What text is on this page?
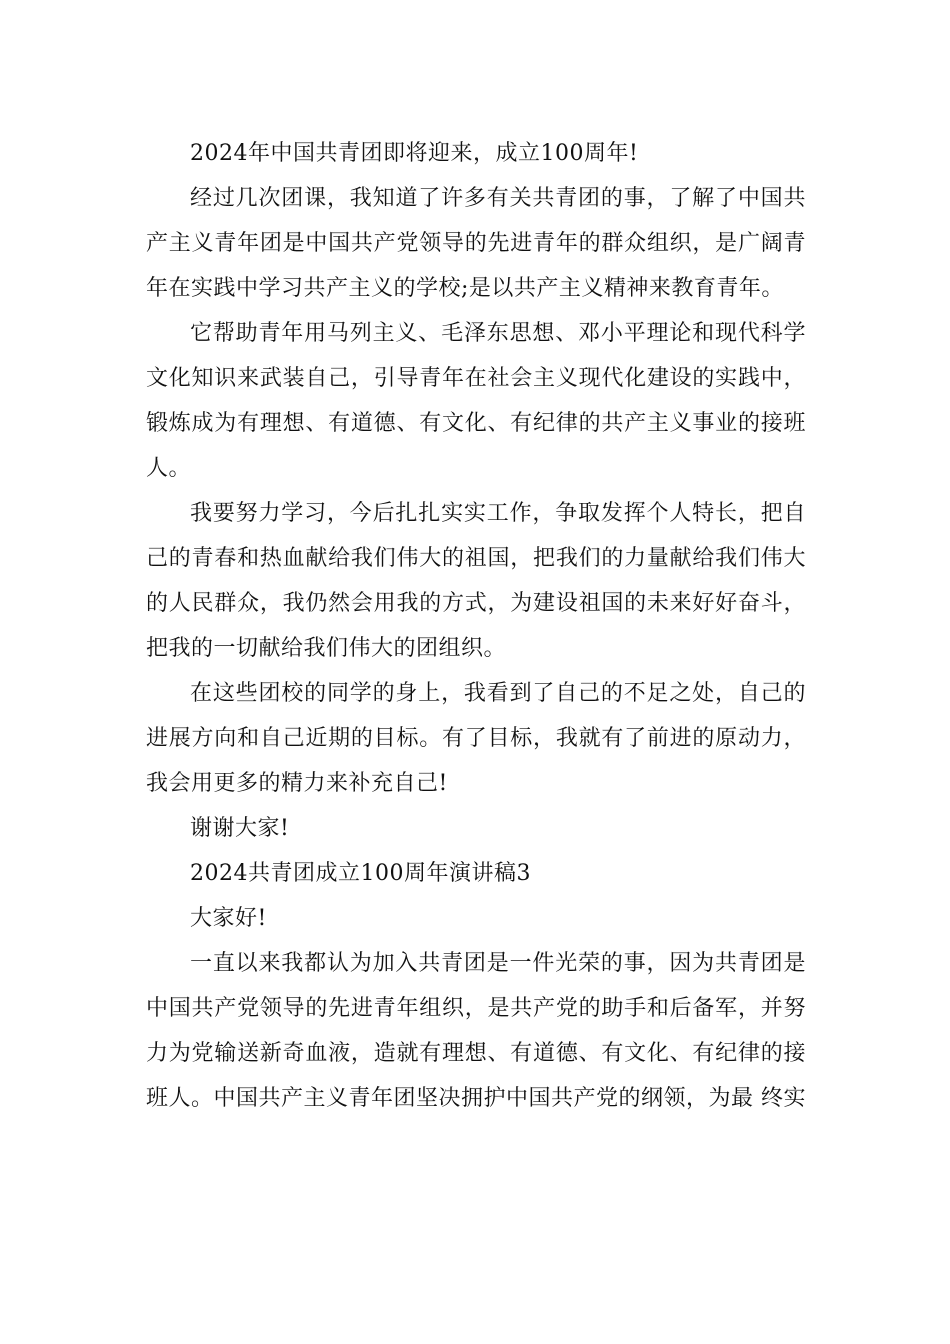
2024年中国共青团即将迎来，成立100周年!

经过几次团课，我知道了许多有关共青团的事，了解了中国共产主义青年团是中国共产党领导的先进青年的群众组织，是广阔青年在实践中学习共产主义的学校;是以共产主义精神来教育青年。

它帮助青年用马列主义、毛泽东思想、邓小平理论和现代科学文化知识来武装自己，引导青年在社会主义现代化建设的实践中，锻炼成为有理想、有道德、有文化、有纪律的共产主义事业的接班人。

我要努力学习，今后扎扎实实工作，争取发挥个人特长，把自己的青春和热血献给我们伟大的祖国，把我们的力量献给我们伟大的人民群众，我仍然会用我的方式，为建设祖国的未来好好奋斗，把我的一切献给我们伟大的团组织。

在这些团校的同学的身上，我看到了自己的不足之处，自己的进展方向和自己近期的目标。有了目标，我就有了前进的原动力，我会用更多的精力来补充自己!

谢谢大家!

2024共青团成立100周年演讲稿3

大家好!

一直以来我都认为加入共青团是一件光荣的事，因为共青团是中国共产党领导的先进青年组织，是共产党的助手和后备军，并努力为党输送新奇血液，造就有理想、有道德、有文化、有纪律的接班人。中国共产主义青年团坚决拥护中国共产党的纲领，为最 终实
